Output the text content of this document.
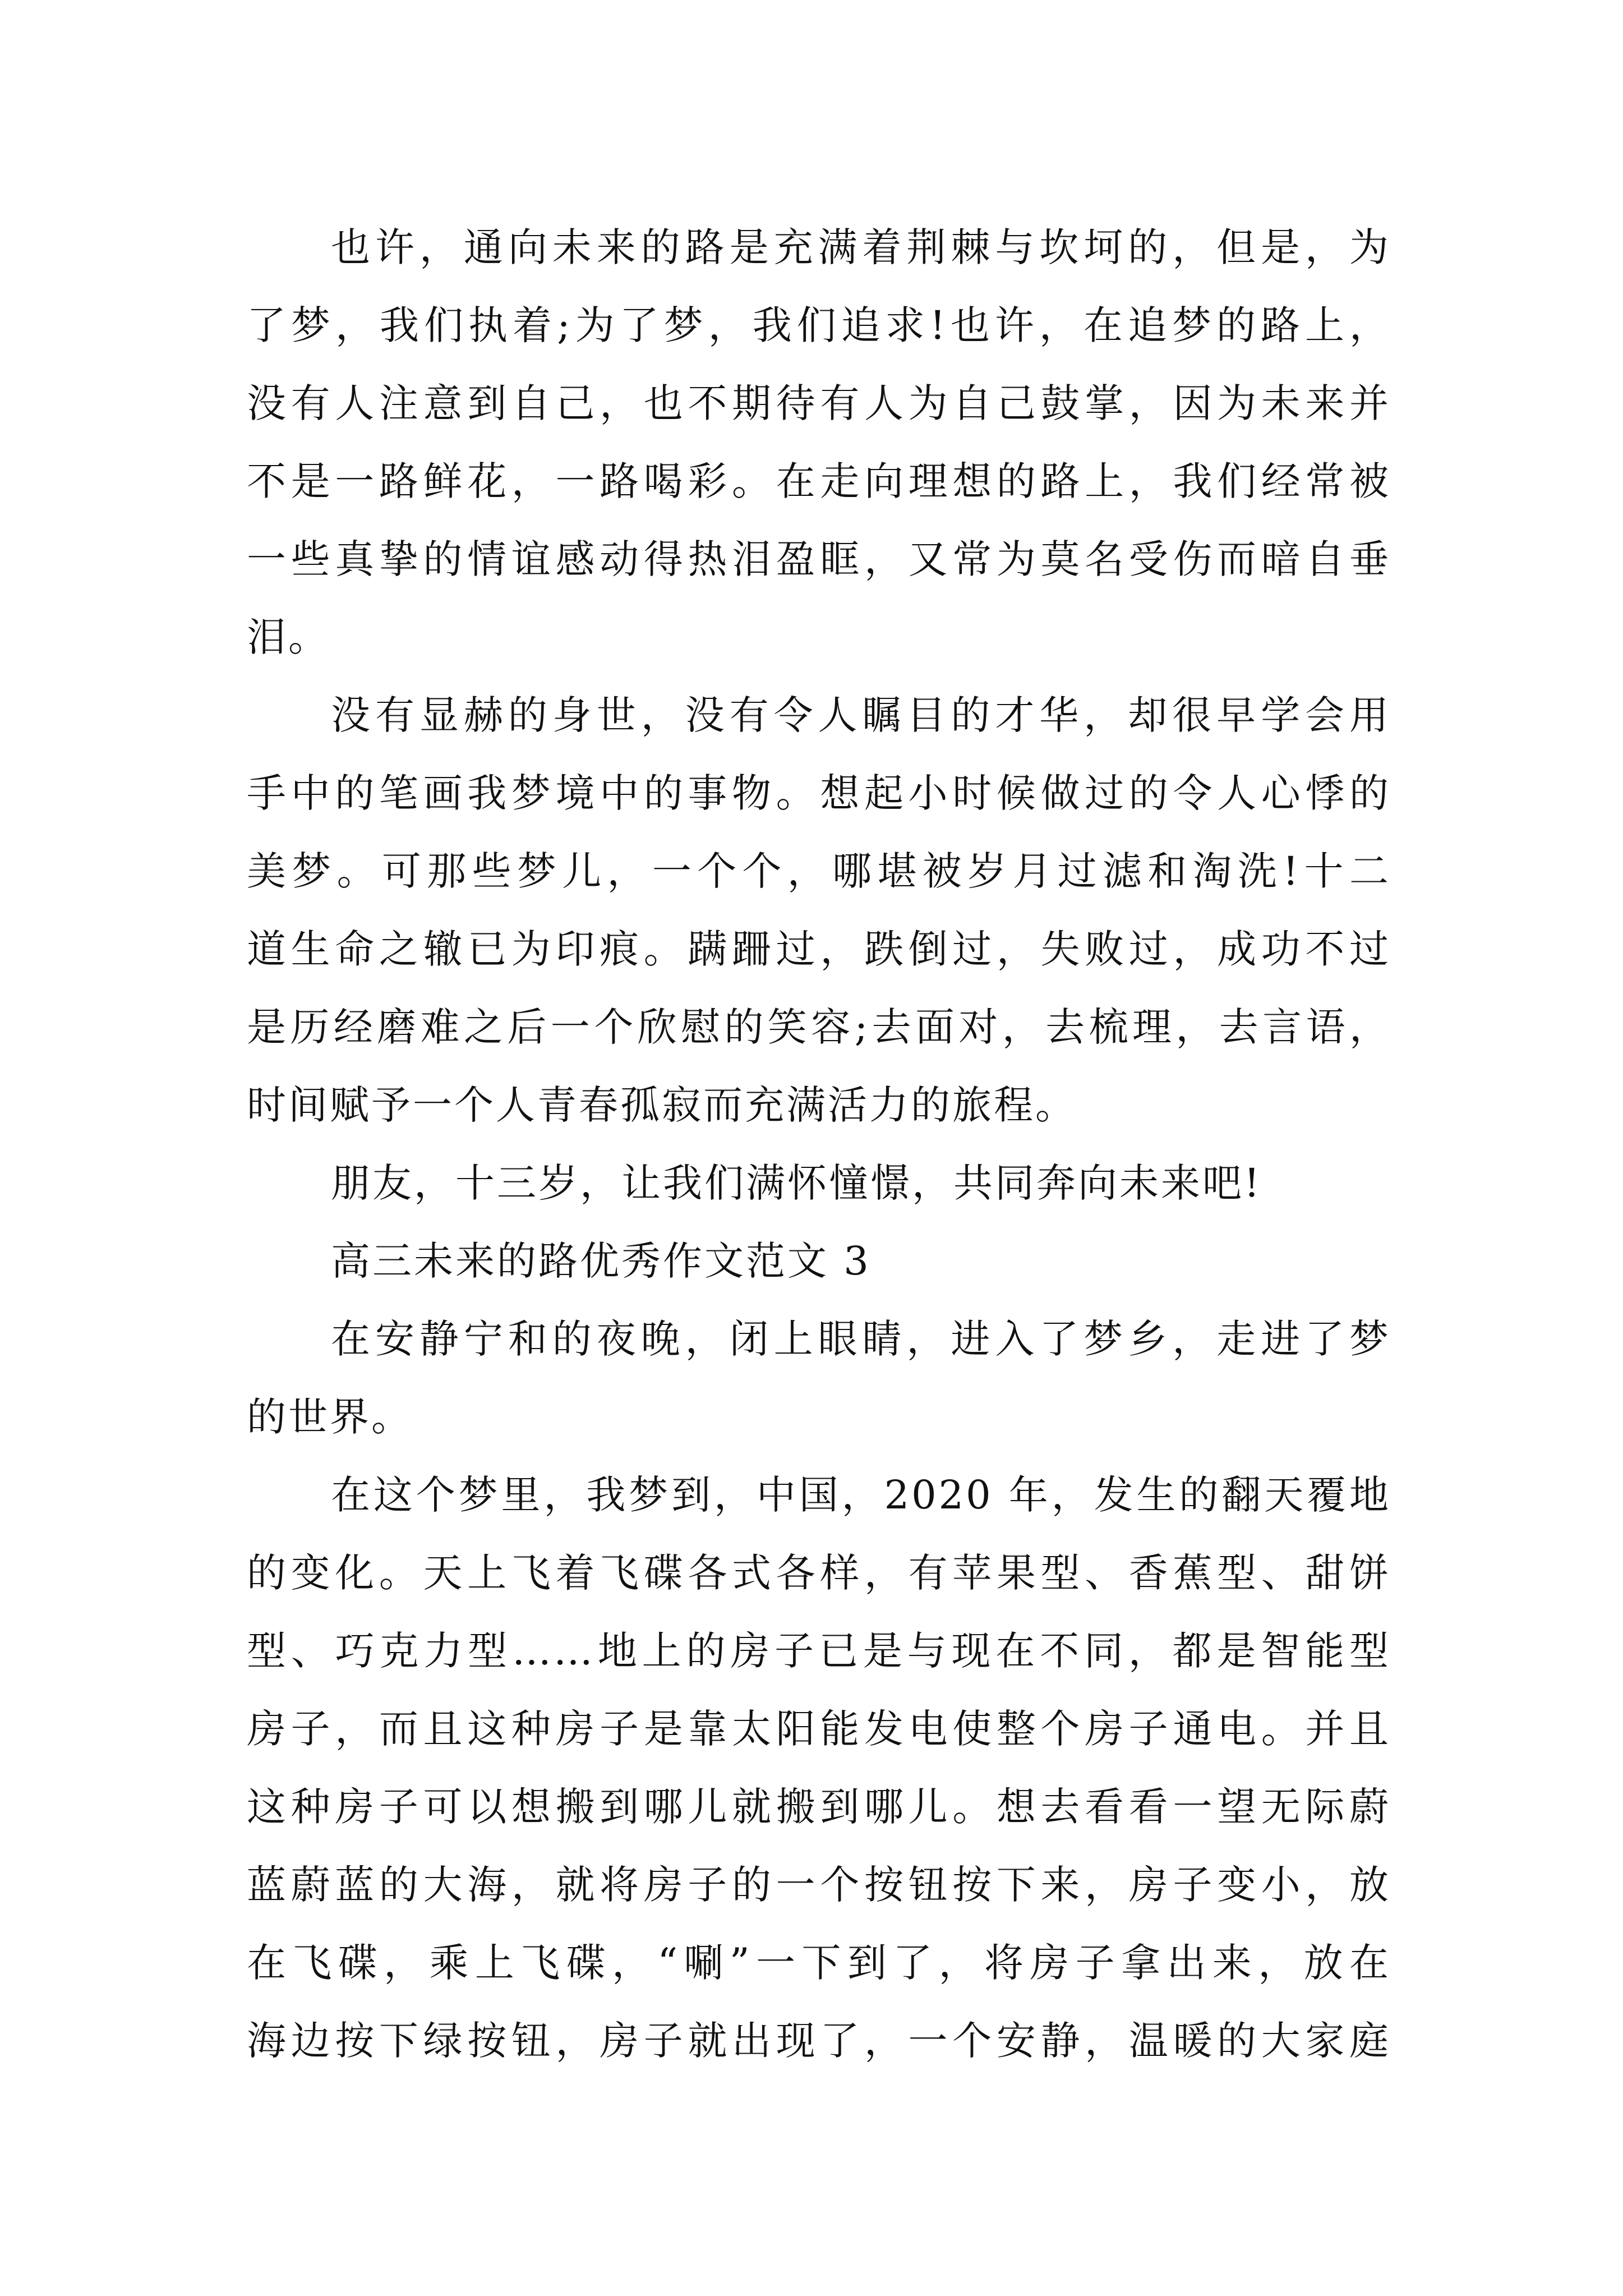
也许，通向未来的路是充满着荆棘与坎坷的，但是，为
了梦，我们执着;为了梦，我们追求!也许，在追梦的路上，
没有人注意到自己，也不期待有人为自己鼓掌，因为未来并
不是一路鲜花，一路喝彩。在走向理想的路上，我们经常被
一些真挚的情谊感动得热泪盈眶，又常为莫名受伤而暗自垂
泪。
没有显赫的身世，没有令人瞩目的才华，却很早学会用
手中的笔画我梦境中的事物。想起小时候做过的令人心悸的
美梦。可那些梦儿，一个个，哪堪被岁月过滤和淘洗!十二
道生命之辙已为印痕。蹒跚过，跌倒过，失败过，成功不过
是历经磨难之后一个欣慰的笑容;去面对，去梳理，去言语，
时间赋予一个人青春孤寂而充满活力的旅程。
朋友，十三岁，让我们满怀憧憬，共同奔向未来吧!
高三未来的路优秀作文范文 3
在安静宁和的夜晚，闭上眼睛，进入了梦乡，走进了梦
的世界。
在这个梦里，我梦到，中国，2020 年，发生的翻天覆地
的变化。天上飞着飞碟各式各样，有苹果型、香蕉型、甜饼
型、巧克力型……地上的房子已是与现在不同，都是智能型
房子，而且这种房子是靠太阳能发电使整个房子通电。并且
这种房子可以想搬到哪儿就搬到哪儿。想去看看一望无际蔚
蓝蔚蓝的大海，就将房子的一个按钮按下来，房子变小，放
在飞碟，乘上飞碟，“唰”一下到了，将房子拿出来，放在
海边按下绿按钮，房子就出现了，一个安静，温暖的大家庭
